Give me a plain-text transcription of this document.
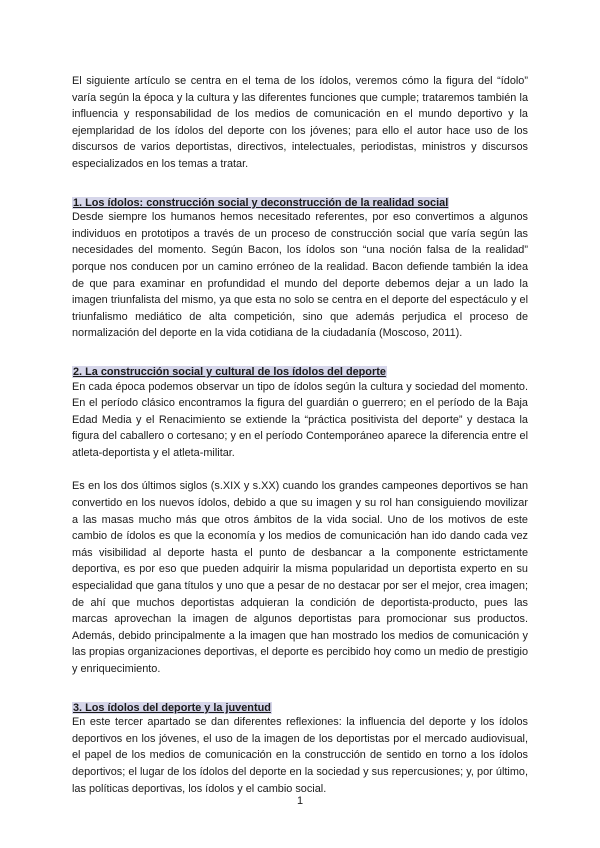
El siguiente artículo se centra en el tema de los ídolos, veremos cómo la figura del “ídolo” varía según la época y la cultura y las diferentes funciones que cumple; trataremos también la influencia y responsabilidad de los medios de comunicación en el mundo deportivo y la ejemplaridad de los ídolos del deporte con los jóvenes; para ello el autor hace uso de los discursos de varios deportistas, directivos, intelectuales, periodistas, ministros y discursos especializados en los temas a tratar.

1. Los ídolos: construcción social y deconstrucción de la realidad social

Desde siempre los humanos hemos necesitado referentes, por eso convertimos a algunos individuos en prototipos a través de un proceso de construcción social que varía según las necesidades del momento. Según Bacon, los ídolos son “una noción falsa de la realidad” porque nos conducen por un camino erróneo de la realidad. Bacon defiende también la idea de que para examinar en profundidad el mundo del deporte debemos dejar a un lado la imagen triunfalista del mismo, ya que esta no solo se centra en el deporte del espectáculo y el triunfalismo mediático de alta competición, sino que además perjudica el proceso de normalización del deporte en la vida cotidiana de la ciudadanía (Moscoso, 2011).

2. La construcción social y cultural de los ídolos del deporte

En cada época podemos observar un tipo de ídolos según la cultura y sociedad del momento. En el período clásico encontramos la figura del guardián o guerrero; en el período de la Baja Edad Media y el Renacimiento se extiende la “práctica positivista del deporte” y destaca la figura del caballero o cortesano; y en el período Contemporáneo aparece la diferencia entre el atleta-deportista y el atleta-militar.

Es en los dos últimos siglos (s.XIX y s.XX) cuando los grandes campeones deportivos se han convertido en los nuevos ídolos, debido a que su imagen y su rol han consiguiendo movilizar a las masas mucho más que otros ámbitos de la vida social. Uno de los motivos de este cambio de ídolos es que la economía y los medios de comunicación han ido dando cada vez más visibilidad al deporte hasta el punto de desbancar a la componente estrictamente deportiva, es por eso que pueden adquirir la misma popularidad un deportista experto en su especialidad que gana títulos y uno que a pesar de no destacar por ser el mejor, crea imagen; de ahí que muchos deportistas adquieran la condición de deportista-producto, pues las marcas aprovechan la imagen de algunos deportistas para promocionar sus productos. Además, debido principalmente a la imagen que han mostrado los medios de comunicación y las propias organizaciones deportivas, el deporte es percibido hoy como un medio de prestigio y enriquecimiento.

3. Los ídolos del deporte y la juventud

En este tercer apartado se dan diferentes reflexiones: la influencia del deporte y los ídolos deportivos en los jóvenes, el uso de la imagen de los deportistas por el mercado audiovisual, el papel de los medios de comunicación en la construcción de sentido en torno a los ídolos deportivos; el lugar de los ídolos del deporte en la sociedad y sus repercusiones; y, por último, las políticas deportivas, los ídolos y el cambio social.

1
